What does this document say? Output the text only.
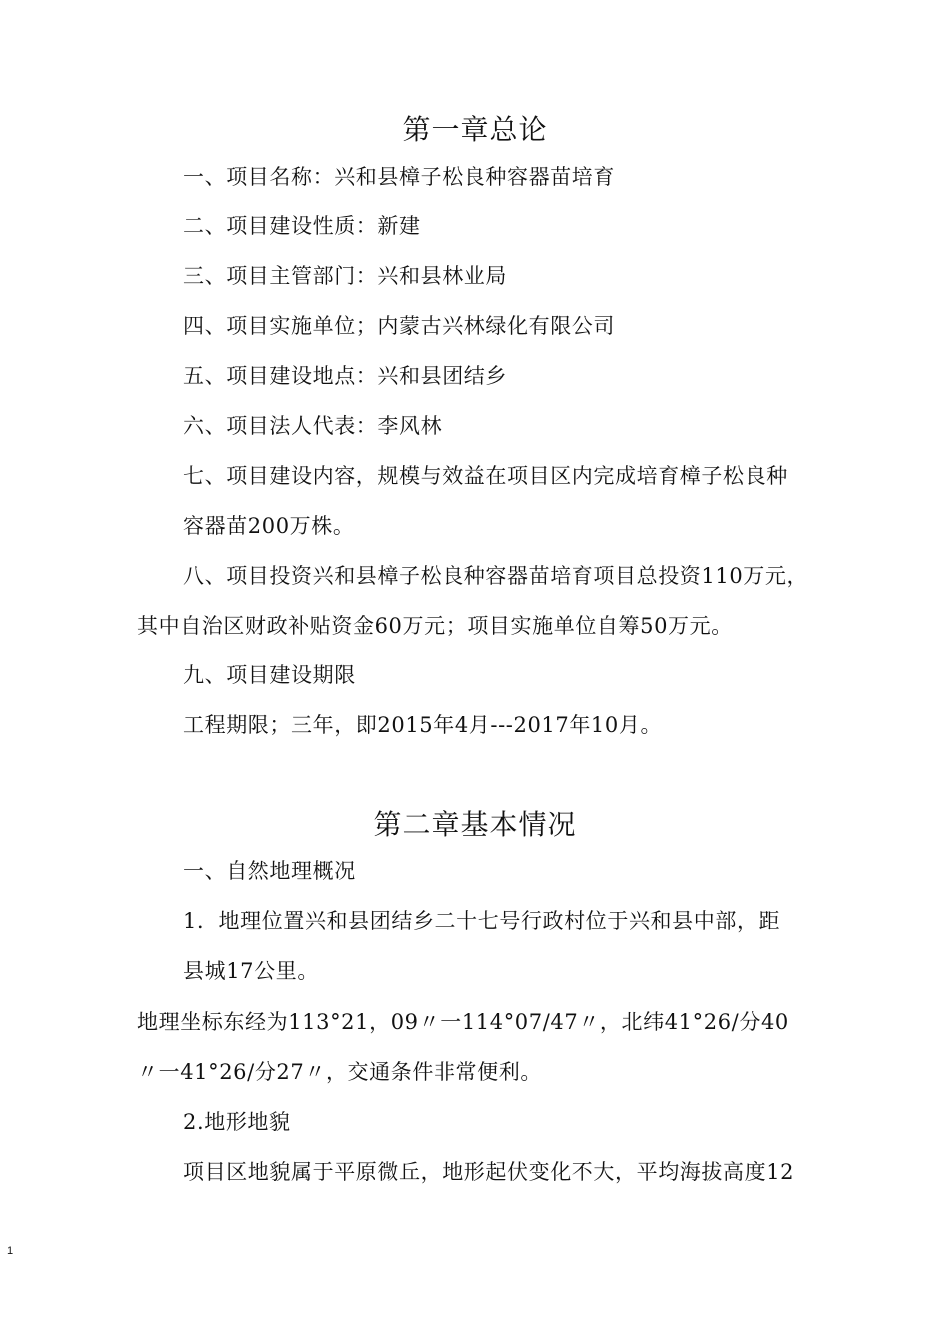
第一章总论
一、项目名称：兴和县樟子松良种容器苗培育
二、项目建设性质：新建
三、项目主管部门：兴和县林业局
四、项目实施单位；内蒙古兴林绿化有限公司
五、项目建设地点：兴和县团结乡
六、项目法人代表：李风林
七、项目建设内容，规模与效益在项目区内完成培育樟子松良种
容器苗200万株。
八、项目投资兴和县樟子松良种容器苗培育项目总投资110万元，
其中自治区财政补贴资金60万元；项目实施单位自筹50万元。
九、项目建设期限
工程期限；三年，即2015年4月---2017年10月。
第二章基本情况
一、自然地理概况
1．地理位置兴和县团结乡二十七号行政村位于兴和县中部，距
县城17公里。
地理坐标东经为113°21，09〃一114°07/47〃，北纬41°26/分40
〃一41°26/分27〃，交通条件非常便利。
2.地形地貌
项目区地貌属于平原微丘，地形起伏变化不大，平均海拔高度12
1
